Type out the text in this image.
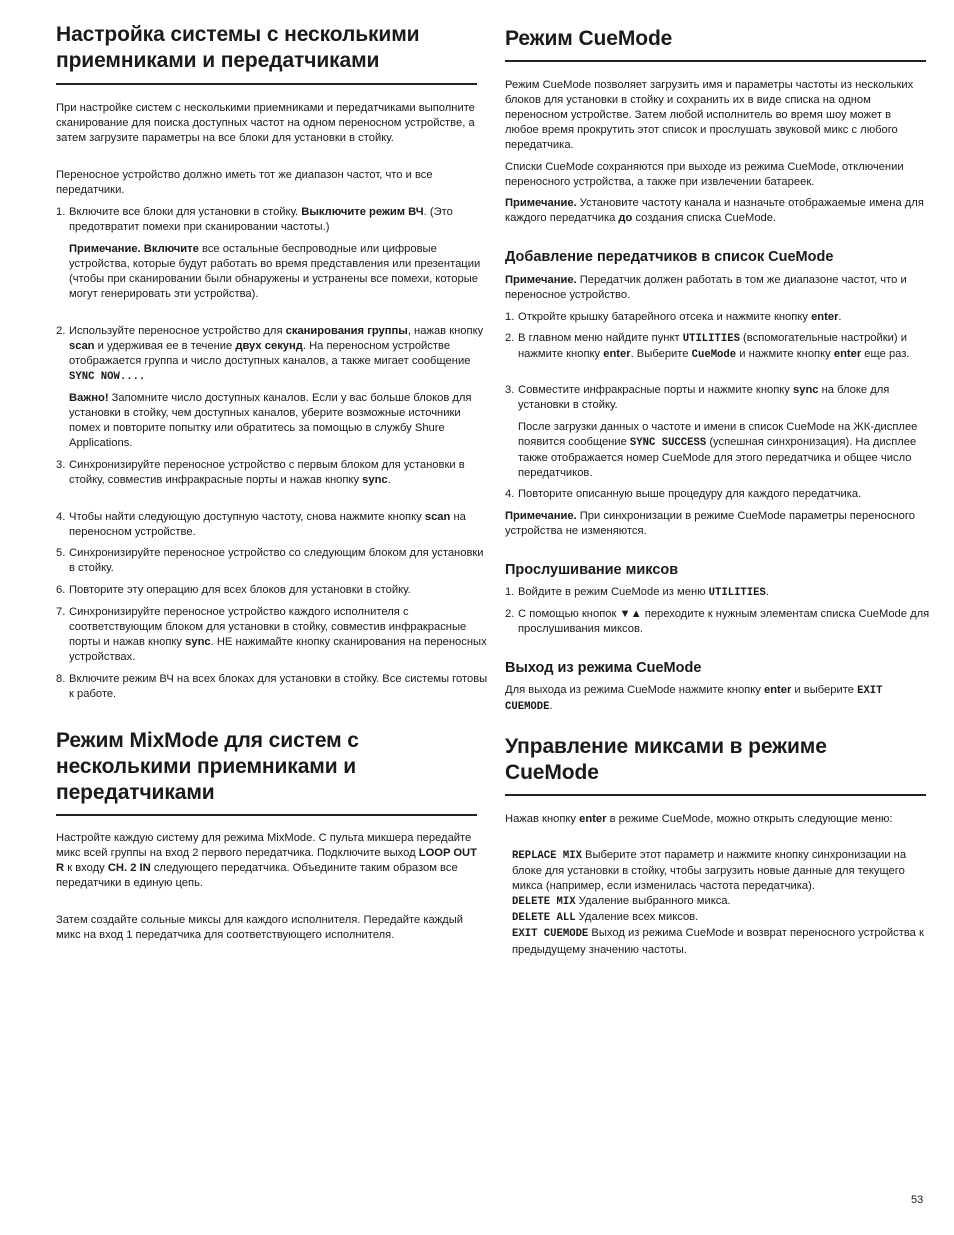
Настройка системы с несколькими
приемниками и передатчиками

При настройке систем с несколькими приемниками и передатчиками выполните сканирование для поиска доступных частот на одном переносном устройстве, а затем загрузите параметры на все блоки для установки в стойку.

Переносное устройство должно иметь тот же диапазон частот, что и все передатчики.

1. Включите все блоки для установки в стойку. Выключите режим ВЧ. (Это предотвратит помехи при сканировании частоты.)
Примечание. Включите все остальные беспроводные или цифровые устройства, которые будут работать во время представления или презентации (чтобы при сканировании были обнаружены и устранены все помехи, которые могут генерировать эти устройства).
2. Используйте переносное устройство для сканирования группы, нажав кнопку scan и удерживая ее в течение двух секунд. На переносном устройстве отображается группа и число доступных каналов, а также мигает сообщение SYNC NOW....
Важно! Запомните число доступных каналов. Если у вас больше блоков для установки в стойку, чем доступных каналов, уберите возможные источники помех и повторите попытку или обратитесь за помощью в службу Shure Applications.
3. Синхронизируйте переносное устройство с первым блоком для установки в стойку, совместив инфракрасные порты и нажав кнопку sync.
4. Чтобы найти следующую доступную частоту, снова нажмите кнопку scan на переносном устройстве.
5. Синхронизируйте переносное устройство со следующим блоком для установки в стойку.
6. Повторите эту операцию для всех блоков для установки в стойку.
7. Синхронизируйте переносное устройство каждого исполнителя с соответствующим блоком для установки в стойку, совместив инфракрасные порты и нажав кнопку sync. НЕ нажимайте кнопку сканирования на переносных устройствах.
8. Включите режим ВЧ на всех блоках для установки в стойку. Все системы готовы к работе.
Режим MixMode для систем с
несколькими приемниками и
передатчиками

Настройте каждую систему для режима MixMode. С пульта микшера передайте микс всей группы на вход 2 первого передатчика. Подключите выход LOOP OUT R к входу CH. 2 IN следующего передатчика. Объедините таким образом все передатчики в единую цепь.

Затем создайте сольные миксы для каждого исполнителя. Передайте каждый микс на вход 1 передатчика для соответствующего исполнителя.

Режим CueMode

Режим CueMode позволяет загрузить имя и параметры частоты из нескольких блоков для установки в стойку и сохранить их в виде списка на одном переносном устройстве. Затем любой исполнитель во время шоу может в любое время прокрутить этот список и прослушать звуковой микс с любого передатчика.

Списки CueMode сохраняются при выходе из режима CueMode, отключении переносного устройства, а также при извлечении батареек.

Примечание. Установите частоту канала и назначьте отображаемые имена для каждого передатчика до создания списка CueMode.

Добавление передатчиков в список CueMode

Примечание. Передатчик должен работать в том же диапазоне частот, что и переносное устройство.

1. Откройте крышку батарейного отсека и нажмите кнопку enter.
2. В главном меню найдите пункт UTILITIES (вспомогательные настройки) и нажмите кнопку enter. Выберите CueMode и нажмите кнопку enter еще раз.
3. Совместите инфракрасные порты и нажмите кнопку sync на блоке для установки в стойку.
После загрузки данных о частоте и имени в список CueMode на ЖК-дисплее появится сообщение SYNC SUCCESS (успешная синхронизация). На дисплее также отображается номер CueMode для этого передатчика и общее число передатчиков.
4. Повторите описанную выше процедуру для каждого передатчика.

Примечание. При синхронизации в режиме CueMode параметры переносного устройства не изменяются.

Прослушивание миксов
1. Войдите в режим CueMode из меню UTILITIES.
2. С помощью кнопок ▼▲ переходите к нужным элементам списка CueMode для прослушивания миксов.
Выход из режима CueMode

Для выхода из режима CueMode нажмите кнопку enter и выберите EXIT CUEMODE.

Управление миксами в режиме
CueMode

Нажав кнопку enter в режиме CueMode, можно открыть следующие меню:

REPLACE MIX Выберите этот параметр и нажмите кнопку синхронизации на блоке для установки в стойку, чтобы загрузить новые данные для текущего микса (например, если изменилась частота передатчика).
DELETE MIX Удаление выбранного микса.
DELETE ALL Удаление всех миксов.
EXIT CUEMODE Выход из режима CueMode и возврат переносного устройства к предыдущему значению частоты.
53
